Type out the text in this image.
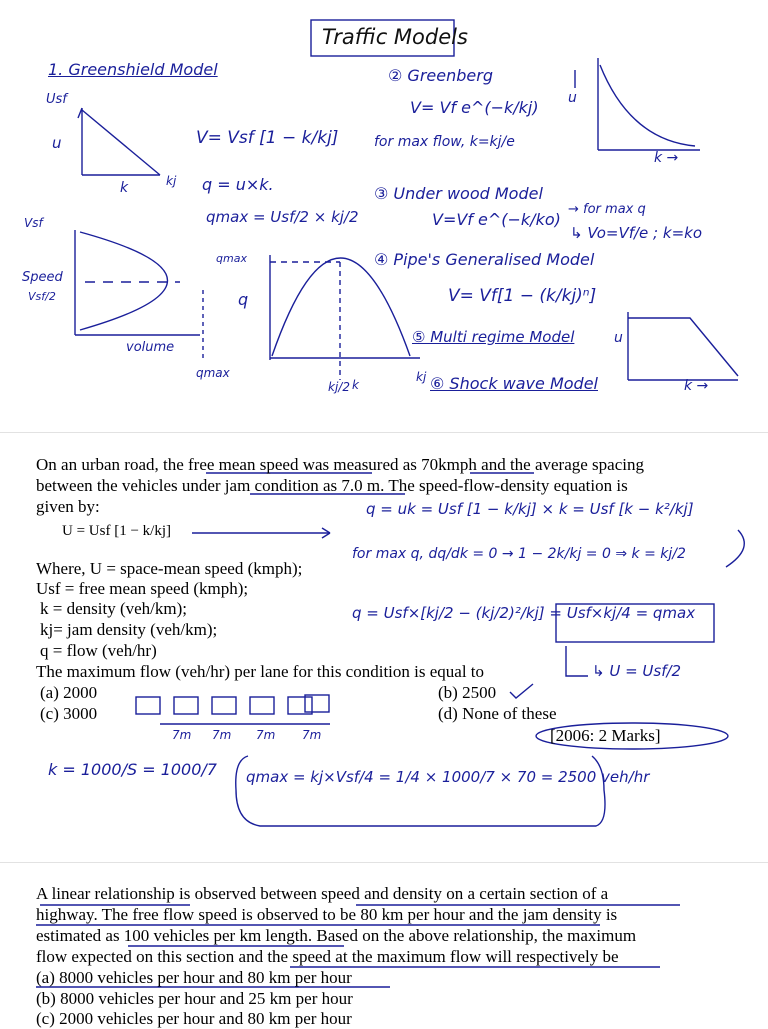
Traffic Models
1. Greenshield Model
Usf
u
k	kj
V= Vsf [1 − k/kj]
q = u×k.
qmax = Usf/2 × kj/2
Vsf
Speed
Vsf/2
volume
qmax
qmax
q
kj/2 k
kj
② Greenberg
V= Vf e^(−k/kj)
for max flow, k=kj/e
u
k →
③ Under wood Model
V=Vf e^(−k/ko)
→ for max q
↳ Vo=Vf/e ; k=ko
④ Pipe's Generalised Model
V= Vf[1 − (k/kj)ⁿ]
⑤ Multi regime Model	u
k →
⑥ Shock wave Model
On an urban road, the free mean speed was measured as 70kmph and the average spacing
between the vehicles under jam condition as 7.0 m. The speed-flow-density equation is
given by:
U = Usf [1 − k/kj]
Where, U = space-mean speed (kmph);
Usf = free mean speed (kmph);
k = density (veh/km);
kj= jam density (veh/km);
q = flow (veh/hr)
The maximum flow (veh/hr) per lane for this condition is equal to
(a) 2000	(b) 2500
(c) 3000	(d) None of these
[2006: 2 Marks]
q = uk = Usf [1 − k/kj] × k = Usf [k − k²/kj]
for max q, dq/dk = 0 → 1 − 2k/kj = 0 ⇒ k = kj/2
q = Usf×[kj/2 − (kj/2)²/kj] = Usf×kj/4 = qmax
↳ U = Usf/2
7m 7m 7m 7m
k = 1000/S = 1000/7 qmax = kj×Vsf/4 = 1/4 × 1000/7 × 70 = 2500 veh/hr
A linear relationship is observed between speed and density on a certain section of a
highway. The free flow speed is observed to be 80 km per hour and the jam density is
estimated as 100 vehicles per km length. Based on the above relationship, the maximum
flow expected on this section and the speed at the maximum flow will respectively be
(a) 8000 vehicles per hour and 80 km per hour
(b) 8000 vehicles per hour and 25 km per hour
(c) 2000 vehicles per hour and 80 km per hour
